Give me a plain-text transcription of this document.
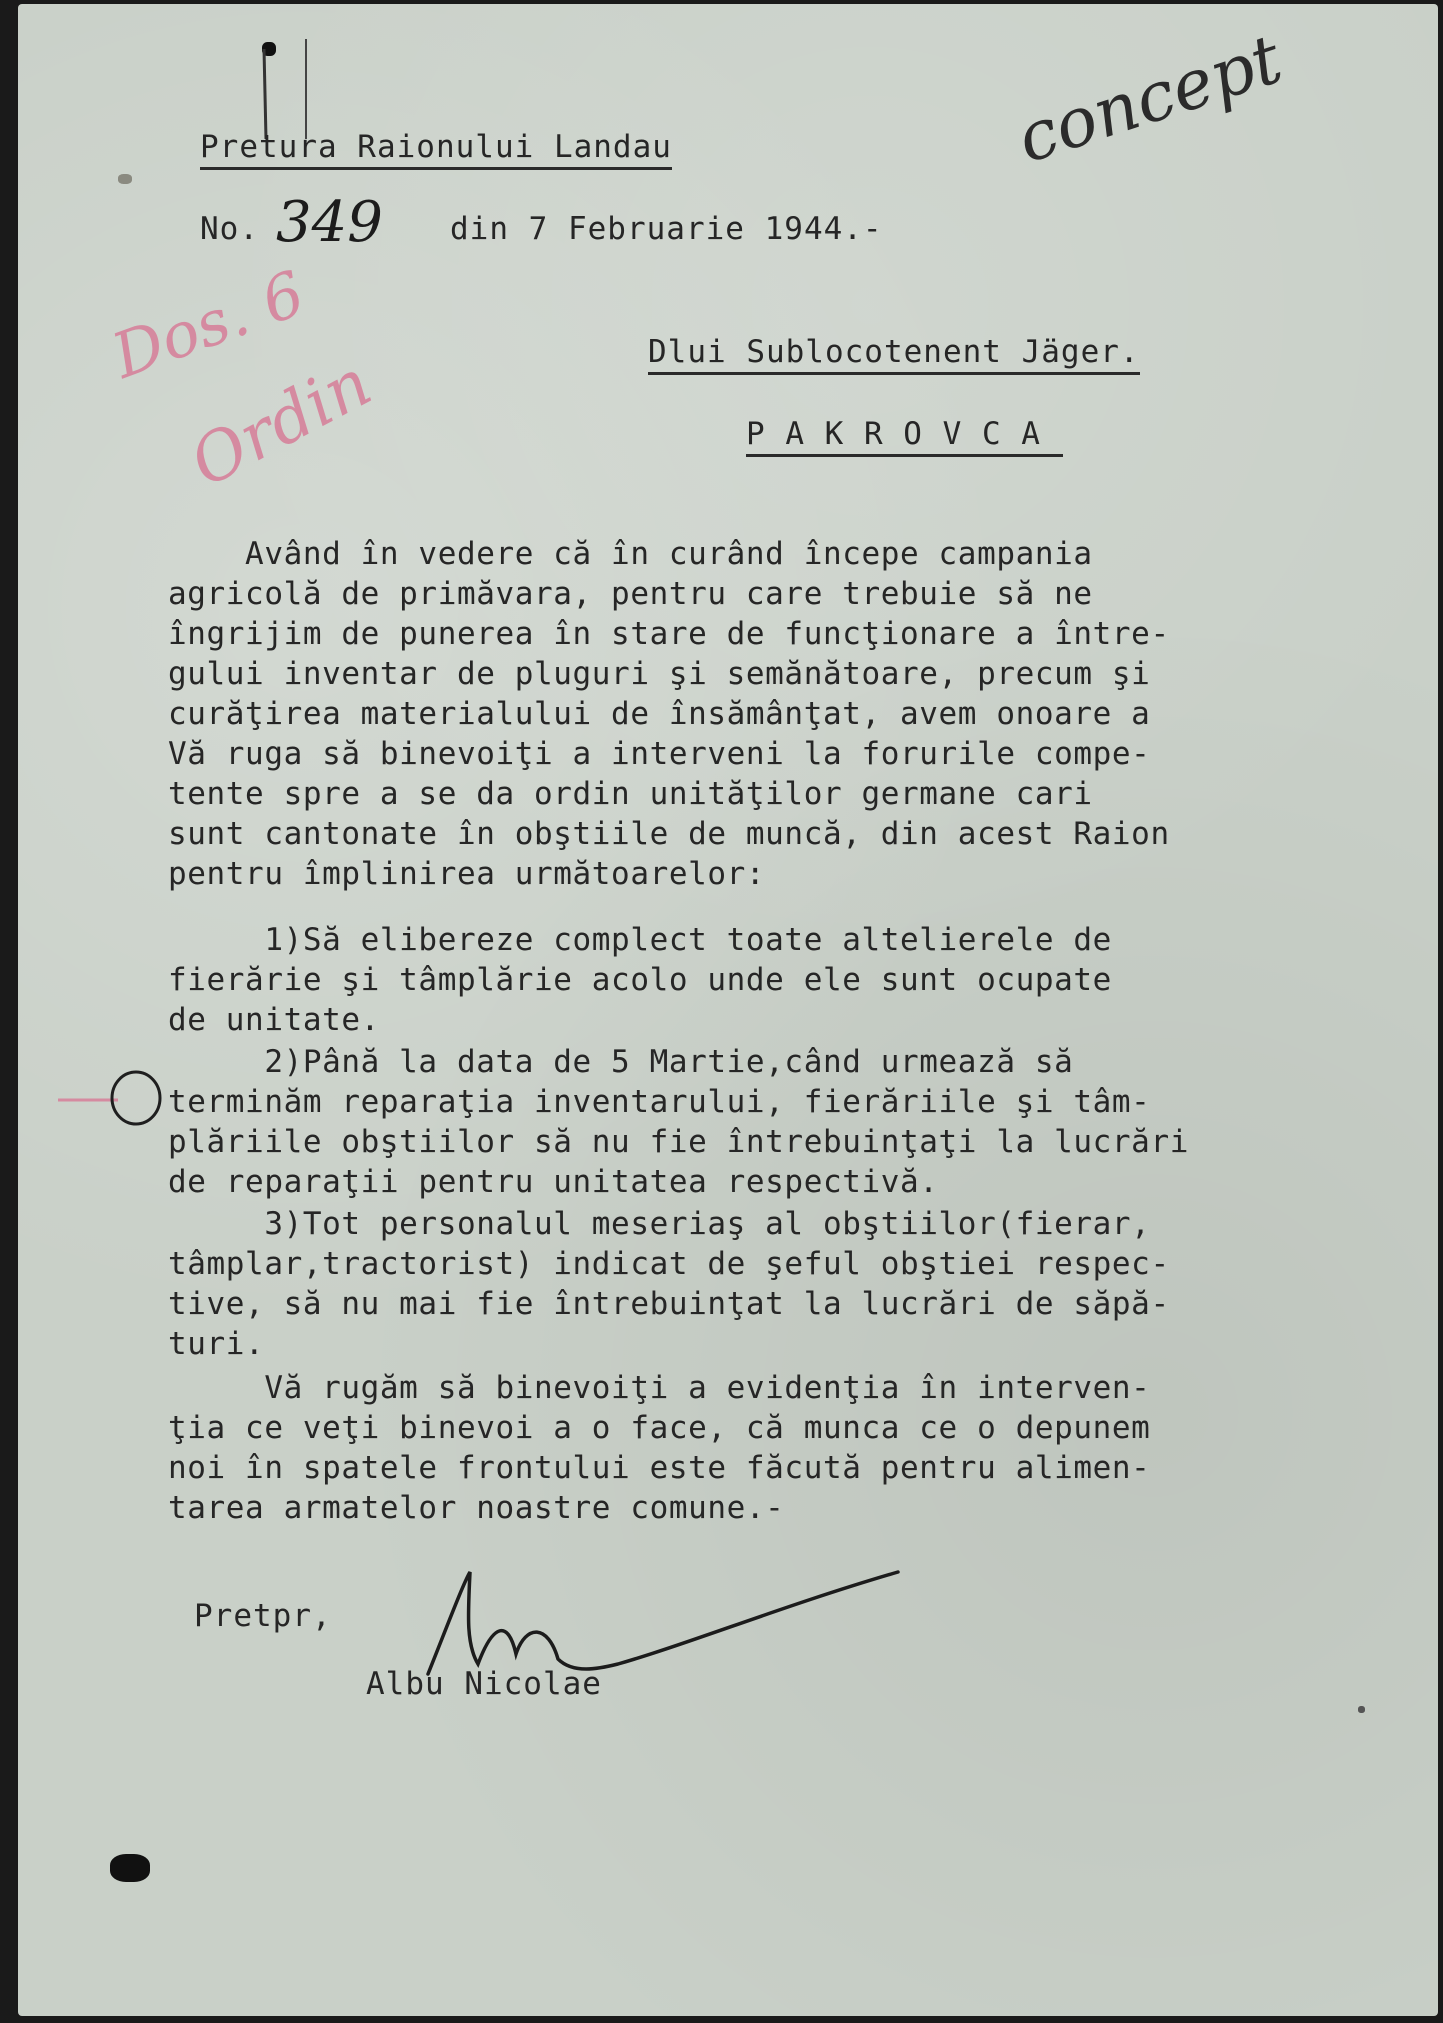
Pretura Raionului Landau
No. 349 din 7 Februarie 1944.-
concept
Dos. 6
Ordin	Dlui Sublocotenent Jäger.
P A K R O V C A
Având în vedere că în curând începe campania
agricolă de primăvara, pentru care trebuie să ne
îngrijim de punerea în stare de funcţionare a între-
gului inventar de pluguri şi semănătoare, precum şi
curăţirea materialului de însămânţat, avem onoare a
Vă ruga să binevoiţi a interveni la forurile compe-
tente spre a se da ordin unităţilor germane cari
sunt cantonate în obştiile de muncă, din acest Raion
pentru împlinirea următoarelor:
1)Să elibereze complect toate altelierele de
fierărie şi tâmplărie acolo unde ele sunt ocupate
de unitate.
2)Până la data de 5 Martie,când urmează să
terminăm reparaţia inventarului, fierăriile şi tâm-
plăriile obştiilor să nu fie întrebuinţaţi la lucrări
de reparaţii pentru unitatea respectivă.
3)Tot personalul meseriaş al obştiilor(fierar,
tâmplar,tractorist) indicat de şeful obştiei respec-
tive, să nu mai fie întrebuinţat la lucrări de săpă-
turi.
Vă rugăm să binevoiţi a evidenţia în interven-
ţia ce veţi binevoi a o face, că munca ce o depunem
noi în spatele frontului este făcută pentru alimen-
tarea armatelor noastre comune.-
Pretpr,
Albu Nicolae
